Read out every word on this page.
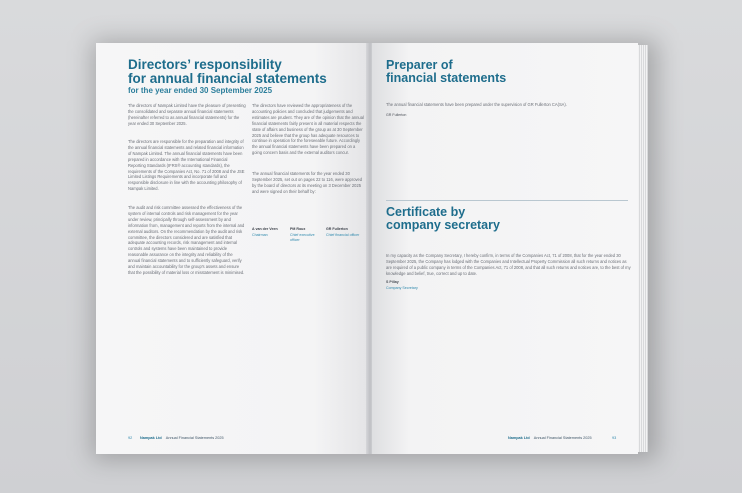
Directors’ responsibility
for annual financial statements
for the year ended 30 September 2025

The directors of Nampak Limited have the pleasure of presenting the consolidated and separate annual financial statements (hereinafter referred to as annual financial statements) for the year ended 30 September 2025.

The directors are responsible for the preparation and integrity of the annual financial statements and related financial information of Nampak Limited. The annual financial statements have been prepared in accordance with the International Financial Reporting Standards (IFRS® accounting standards), the requirements of the Companies Act, No. 71 of 2008 and the JSE Limited Listings Requirements and incorporate full and responsible disclosure in line with the accounting philosophy of Nampak Limited.

The audit and risk committee assessed the effectiveness of the system of internal controls and risk management for the year under review, principally through self-assessment by and information from, management and reports from the internal and external auditors. On the recommendation by the audit and risk committee, the directors considered and are satisfied that adequate accounting records, risk management and internal controls and systems have been maintained to provide reasonable assurance on the integrity and reliability of the annual financial statements and to sufficiently safeguard, verify and maintain accountability for the group's assets and ensure that the possibility of material loss or misstatement is minimised.

The directors have reviewed the appropriateness of the accounting policies and concluded that judgements and estimates are prudent. They are of the opinion that the annual financial statements fairly present in all material respects the state of affairs and business of the group as at 30 September 2025 and believe that the group has adequate resources to continue in operation for the foreseeable future. Accordingly the annual financial statements have been prepared on a going concern basis and the external auditors concur.

The annual financial statements for the year ended 30 September 2025, set out on pages 22 to 116, were approved by the board of directors at its meeting on 3 December 2025 and were signed on their behalf by:

A van der Veen
Chairman
PM Roux
Chief executive officer
GR Fullerton
Chief financial officer
92 Nampak Ltd Annual Financial Statements 2025
Preparer of
financial statements

The annual financial statements have been prepared under the supervision of GR Fullerton CA(SA).

GR Fullerton
Certificate by
company secretary

In my capacity as the Company Secretary, I hereby confirm, in terms of the Companies Act, 71 of 2008, that for the year ended 30 September 2025, the Company has lodged with the Companies and Intellectual Property Commission all such returns and notices as are required of a public company in terms of the Companies Act, 71 of 2008, and that all such returns and notices are, to the best of my knowledge and belief, true, correct and up to date.

S Pillay
Company Secretary
Nampak Ltd Annual Financial Statements 2025	93
